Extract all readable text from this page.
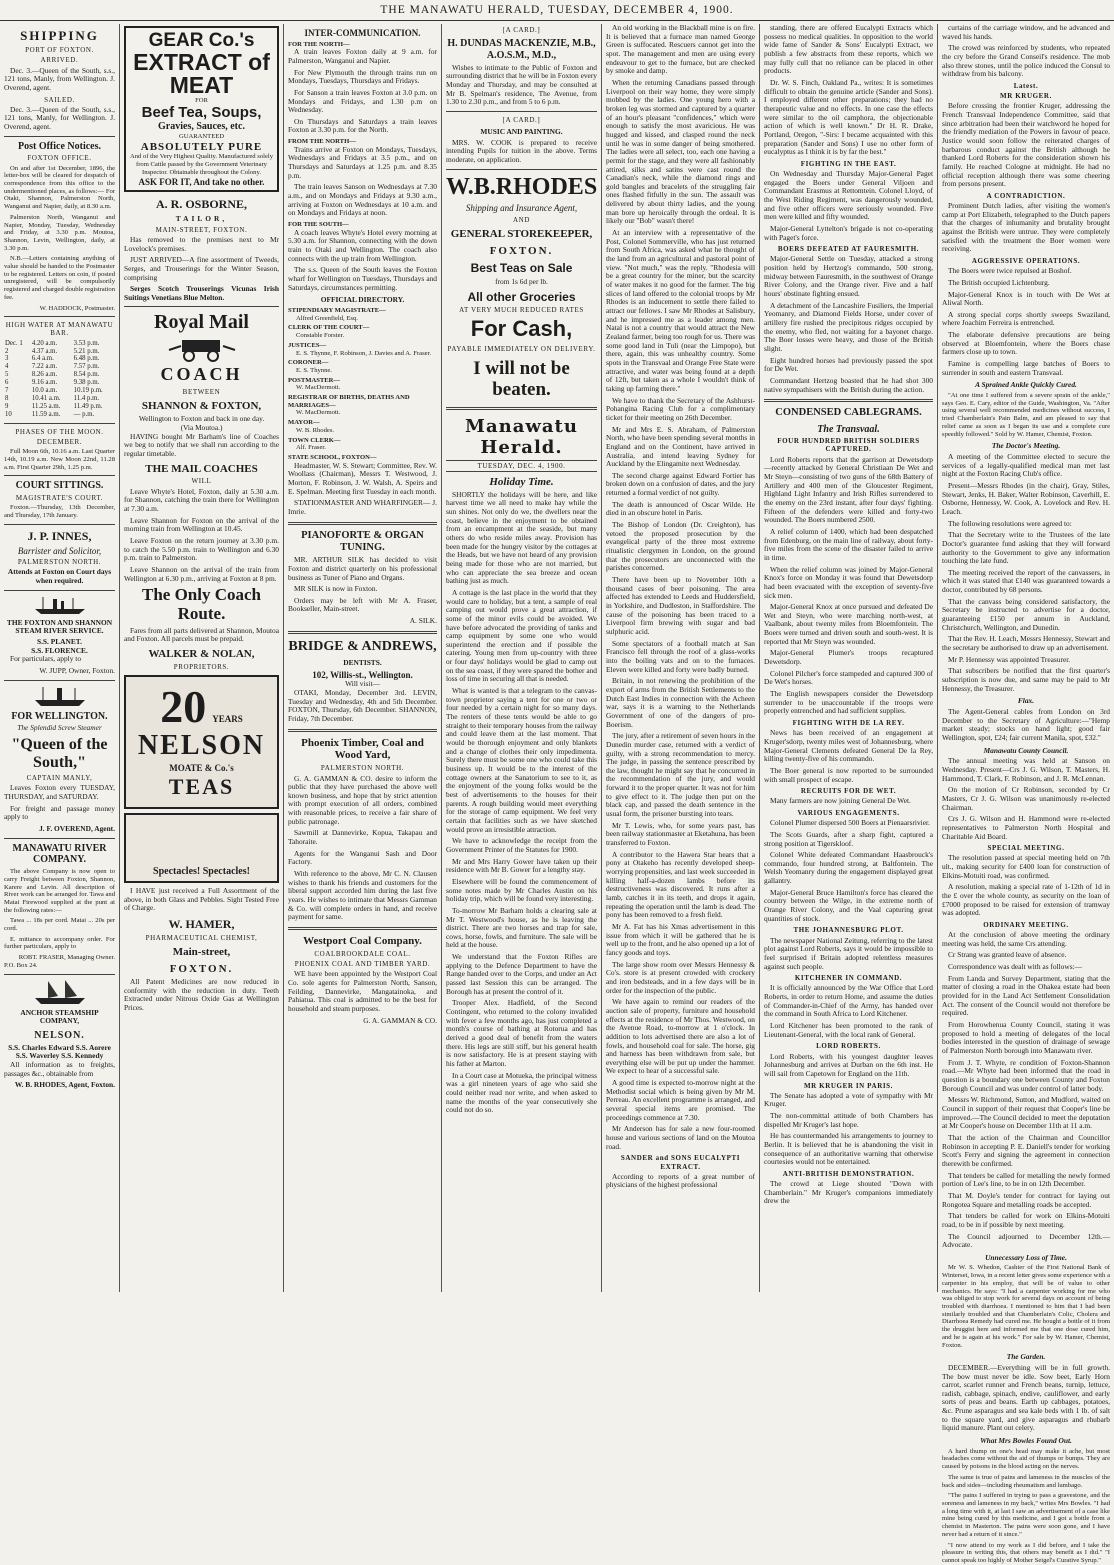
THE MANAWATU HERALD, TUESDAY, DECEMBER 4, 1900.
SHIPPING
PORT OF FOXTON.
ARRIVED.

Dec. 3.—Queen of the South, s.s., 121 tons, Manly, from Wellington. J. Overend, agent.

SAILED.

Dec. 3.—Queen of the South, s.s., 121 tons, Manly, for Wellington. J. Overend, agent.

Post Office Notices.
FOXTON OFFICE.

On and after 1st December, 1896, the letter-box will be cleared for despatch of correspondence from this office to the undermentioned places, as follows:— For Otaki, Shannon, Palmerston North, Wanganui and Napier, daily, at 8.30 a.m.

Palmerston North, Wanganui and Napier, Monday, Tuesday, Wednesday and Friday, at 3.30 p.m. Moutoa, Shannon, Levin, Wellington, daily, at 3.30 p.m.

N.B.—Letters containing anything of value should be handed to the Postmaster to be registered. Letters on coin, if posted unregistered, will be compulsorily registered and charged double registration fee.

W. HADDOCK, Postmaster.
HIGH WATER AT MANAWATU BAR.
Dec. 1	4.20 a.m.	3.53 p.m.
2	4.37 a.m.	5.21 p.m.
3	6.4 a.m.	6.48 p.m.
4	7.22 a.m.	7.57 p.m.
5	8.26 a.m.	8.54 p.m.
6	9.16 a.m.	9.38 p.m.
7	10.0 a.m.	10.19 p.m.
8	10.41 a.m.	11.4 p.m.
9	11.25 a.m.	11.49 p.m.
10	11.59 a.m.	— p.m.
PHASES OF THE MOON.
DECEMBER.

Full Moon 6th, 10.16 a.m. Last Quarter 14th, 10.19 a.m. New Moon 22nd, 11.28 a.m. First Quarter 29th, 1.25 p.m.

COURT SITTINGS.
MAGISTRATE'S COURT.

Foxton.—Thursday, 13th December, and Thursday, 17th January.

J. P. INNES,
Barrister and Solicitor,
PALMERSTON NORTH.
Attends at Foxton on Court days when required.
THE FOXTON AND SHANNON STEAM RIVER SERVICE.
S.S. PLANET.
S.S. FLORENCE.

For particulars, apply to

W. JUPP, Owner, Foxton.
FOR WELLINGTON.
The Splendid Screw Steamer
"Queen of the South,"
CAPTAIN MANLY,

Leaves Foxton every TUESDAY, THURSDAY, and SATURDAY.

For freight and passage money apply to

J. F. OVEREND, Agent.
MANAWATU RIVER COMPANY.

The above Company is now open to carry Freight between Foxton, Shannon, Karere and Levin. All description of River work can be arranged for. Tawa and Matai Firewood supplied at the punt at the following rates:—

Tawa ... 18s per cord. Matai ... 20s per cord.

E. mittance to accompany order. For further particulars, apply to

ROBT. FRASER, Managing Owner.
P.O. Box 24.
ANCHOR STEAMSHIP COMPANY,
NELSON.
S.S. Charles Edward S.S. Aorere S.S. Waverley S.S. Kennedy

All information as to freights, passages &c., obtainable from

W. B. RHODES, Agent, Foxton.
GEAR Co.'s
EXTRACT of MEAT
FOR
Beef Tea, Soups,
Gravies, Sauces, etc.
GUARANTEED
ABSOLUTELY PURE
And of the Very Highest Quality. Manufactured solely from Cattle passed by the Government Veterinary Inspector. Obtainable throughout the Colony.
ASK FOR IT, And take no other.
A. R. OSBORNE,
TAILOR,
MAIN-STREET, FOXTON.

Has removed to the premises next to Mr Lovelock's premises.

JUST ARRIVED—A fine assortment of Tweeds, Serges, and Trouserings for the Winter Season, comprising

Serges Scotch Trouserings Vicunas Irish Suitings Venetians Blue Melton.

Royal Mail
COACH
BETWEEN
SHANNON & FOXTON,
Wellington to Foxton and back in one day.
(Via Moutoa.)

HAVING bought Mr Barham's line of Coaches we beg to notify that we shall run according to the regular timetable.

THE MAIL COACHES
WILL

Leave Whyte's Hotel, Foxton, daily at 5.30 a.m. for Shannon, catching the train there for Wellington at 7.30 a.m.

Leave Shannon for Foxton on the arrival of the morning train from Wellington at 10.45.

Leave Foxton on the return journey at 3.30 p.m. to catch the 5.50 p.m. train to Wellington and 6.30 p.m. train to Palmerston.

Leave Shannon on the arrival of the train from Wellington at 6.30 p.m., arriving at Foxton at 8 pm.

The Only Coach Route.

Fares from all parts delivered at Shannon, Moutoa and Foxton. All parcels must be prepaid.

WALKER & NOLAN,
PROPRIETORS.
20 YEARS
NELSON
MOATE & Co.'s
TEAS
Spectacles! Spectacles!

I HAVE just received a Full Assortment of the above, in both Glass and Pebbles. Sight Tested Free of Charge.

W. HAMER,
PHARMACEUTICAL CHEMIST,
Main-street,
FOXTON.

All Patent Medicines are now reduced in conformity with the reduction in duty. Teeth Extracted under Nitrous Oxide Gas at Wellington Prices.

INTER-COMMUNICATION.
FOR THE NORTH—

A train leaves Foxton daily at 9 a.m. for Palmerston, Wanganui and Napier.

For New Plymouth the through trains run on Mondays, Tuesdays, Thursdays and Fridays.

For Sanson a train leaves Foxton at 3.0 p.m. on Mondays and Fridays, and 1.30 p.m on Wednesday.

On Thursdays and Saturdays a train leaves Foxton at 3.30 p.m. for the North.

FROM THE NORTH—

Trains arrive at Foxton on Mondays, Tuesdays, Wednesdays and Fridays at 3.5 p.m., and on Thursdays and Saturdays at 1.25 p.m. and 8.35 p.m.

The train leaves Sanson on Wednesdays at 7.30 a.m., and on Mondays and Fridays at 9.30 a.m., arriving at Foxton on Wednesdays at 10 a.m. and on Mondays and Fridays at noon.

FOR THE SOUTH—

A coach leaves Whyte's Hotel every morning at 5.30 a.m. for Shannon, connecting with the down train to Otaki and Wellington. The coach also connects with the up train from Wellington.

The s.s. Queen of the South leaves the Foxton wharf for Wellington on Tuesdays, Thursdays and Saturdays, circumstances permitting.

OFFICIAL DIRECTORY.
STIPENDIARY MAGISTRATE—
Alfred Greenfield, Esq.
CLERK OF THE COURT—
Constable Forster.
JUSTICES—
E. S. Thynne, F. Robinson, J. Davies and A. Fraser.
CORONER—
E. S. Thynne.
POSTMASTER—
W. MacDermott.
REGISTRAR OF BIRTHS, DEATHS AND MARRIAGES—
W. MacDermott.
MAYOR—
W. B. Rhodes.
TOWN CLERK—
Alf. Fraser.
STATE SCHOOL, FOXTON—

Headmaster, W. S. Stewart; Committee, Rev. W. Woollass (Chairman), Messrs T. Westwood, J. Morton, F. Robinson, J. W. Walsh, A. Speirs and E. Spelman. Meeting first Tuesday in each month.

STATIONMASTER AND WHARFINGER— J. Imrie.

PIANOFORTE & ORGAN TUNING.

MR. ARTHUR SILK has decided to visit Foxton and district quarterly on his professional business as Tuner of Piano and Organs.

MR SILK is now in Foxton.

Orders may be left with Mr A. Fraser, Bookseller, Main-street.

A. SILK.
BRIDGE & ANDREWS,
DENTISTS.
102, Willis-st., Wellington.
Will visit—

OTAKI, Monday, December 3rd. LEVIN, Tuesday and Wednesday, 4th and 5th December. FOXTON, Thursday, 6th December. SHANNON, Friday, 7th December.

Phoenix Timber, Coal and Wood Yard,
PALMERSTON NORTH.

G. A. GAMMAN & CO. desire to inform the public that they have purchased the above well known business, and hope that by strict attention with prompt execution of all orders, combined with reasonable prices, to receive a fair share of public patronage.

Sawmill at Dannevirke, Kopua, Takapau and Tahoraite.

Agents for the Wanganui Sash and Door Factory.

With reference to the above, Mr C. N. Clausen wishes to thank his friends and customers for the liberal support accorded him during the last five years. He wishes to intimate that Messrs Gamman & Co. will complete orders in hand, and receive payment for same.

Westport Coal Company.
COALBROOKDALE COAL.
PHOENIX COAL AND TIMBER YARD.

WE have been appointed by the Westport Coal Co. sole agents for Palmerston North, Sanson, Feilding, Dannevirke, Mangatainoka, and Pahiatua. This coal is admitted to be the best for household and steam purposes.

G. A. GAMMAN & CO.
[A CARD.]
H. DUNDAS MACKENZIE, M.B., A.O.S.M., M.D.,

Wishes to intimate to the Public of Foxton and surrounding district that he will be in Foxton every Monday and Thursday, and may be consulted at Mr B. Spelman's residence, The Avenue, from 1.30 to 2.30 p.m., and from 5 to 6 p.m.

[A CARD.]
MUSIC AND PAINTING.

MRS. W. COOK is prepared to receive intending Pupils for tuition in the above. Terms moderate, on application.

W.B.RHODES
Shipping and Insurance Agent,
AND
GENERAL STOREKEEPER,
FOXTON.
Best Teas on Sale
from 1s 6d per lb.
All other Groceries
AT VERY MUCH REDUCED RATES
For Cash,
PAYABLE IMMEDIATELY ON DELIVERY.
I will not be beaten.
Manawatu Herald.
TUESDAY, DEC. 4, 1900.
Holiday Time.

SHORTLY the holidays will be here, and like harvest time we all need to make hay while the sun shines. Not only do we, the dwellers near the coast, believe in the enjoyment to be obtained from an encampment at the seaside, but many others do who reside miles away. Provision has been made for the hungry visitor by the cottages at the Heads, but we have not heard of any provision being made for those who are not married, but who can appreciate the sea breeze and ocean bathing just as much.

A cottage is the last place in the world that they would care to holiday, but a tent, a sample of real camping out would prove a great attraction, if some of the minor evils could be avoided. We have before advocated the providing of tanks and camp equipment by some one who would superintend the erection and if possible the catering. Young men from up-country with three or four days' holidays would be glad to camp out on the sea coast, if they were spared the bother and loss of time in securing all that is needed.

What is wanted is that a telegram to the canvas-town proprietor saying a tent for one or two or four needed by a certain night for so many days. The renters of these tents would be able to go straight to their temporary houses from the railway and could leave them at the last moment. That would be thorough enjoyment and only blankets and a change of clothes their only impedimenta. Surely there must be some one who could take this business up. It would be to the interest of the cottage owners at the Sanatorium to see to it, as the enjoyment of the young folks would be the best of advertisements to the houses for their parents. A rough building would meet everything for the storage of camp equipment. We feel very certain that facilities such as we have sketched would prove an irresistible attraction.

We have to acknowledge the receipt from the Government Printer of the Statutes for 1900.

Mr and Mrs Harry Gower have taken up their residence with Mr B. Gower for a lengthy stay.

Elsewhere will be found the commencement of some notes made by Mr Charles Austin on his holiday trip, which will be found very interesting.

To-morrow Mr Barham holds a clearing sale at Mr T. Westwood's house, as he is leaving the district. There are two horses and trap for sale, cows, horse, fowls, and furniture. The sale will be held at the house.

We understand that the Foxton Rifles are applying to the Defence Department to have the Range handed over to the Corps, and under an Act passed last Session this can be arranged. The Borough has at present the control of it.

Trooper Alex. Hadfield, of the Second Contingent, who returned to the colony invalided with fever a few months ago, has just completed a month's course of bathing at Rotorua and has derived a good deal of benefit from the waters there. His legs are still stiff, but his general health is now satisfactory. He is at present staying with his father at Marton.

In a Court case at Motueka, the principal witness was a girl nineteen years of age who said she could neither read nor write, and when asked to name the months of the year consecutively she could not do so.

An old working in the Blackball mine is on fire. It is believed that a furnace man named George Green is suffocated. Rescuers cannot get into the spot. The management and men are using every endeavour to get to the furnace, but are checked by smoke and damp.

When the returning Canadians passed through Liverpool on their way home, they were simply mobbed by the ladies. One young hero with a broken leg was stormed and captured by a quarter of an hour's pleasant "confidences," which were enough to satisfy the most avaricious. He was hugged and kissed, and clasped round the neck until he was in some danger of being smothered. The ladies were all select, too, each one having a permit for the stage, and they were all fashionably attired, silks and satins were cast round the Canadian's neck, while the diamond rings and gold bangles and bracelets of the struggling fair ones flashed fitfully in the sun. The assault was delivered by about thirty ladies, and the young man bore up heroically through the ordeal. It is likely our "Bob" wasn't there!

At an interview with a representative of the Post, Colonel Sommerville, who has just returned from South Africa, was asked what he thought of the land from an agricultural and pastoral point of view. "Not much," was the reply. "Rhodesia will be a great country for the miner, but the scarcity of water makes it no good for the farmer. The big slices of land offered to the colonial troops by Mr Rhodes is an inducement to settle there failed to attract our fellows. I saw Mr Rhodes at Salisbury, and he impressed me as a leader among men. Natal is not a country that would attract the New Zealand farmer, being too rough for us. There was some good land in Tuli (near the Limpopo), but there, again, this was unhealthy country. Some spots in the Transvaal and Orange Free State were attractive, and water was being found at a depth of 12ft, but taken as a whole I wouldn't think of taking up farming there."

We have to thank the Secretary of the Ashhurst-Pohangina Racing Club for a complimentary ticket for their meeting on 26th December.

Mr and Mrs E. S. Abraham, of Palmerston North, who have been spending several months in England and on the Continent, have arrived in Australia, and intend leaving Sydney for Auckland by the Elingamite next Wednesday.

The second charge against Edward Fortier has broken down on a confusion of dates, and the jury returned a formal verdict of not guilty.

The death is announced of Oscar Wilde. He died in an obscure hotel in Paris.

The Bishop of London (Dr. Creighton), has vetoed the proposed prosecution by the evangelical party of the three most extreme ritualistic clergymen in London, on the ground that the prosecutors are unconnected with the parishes concerned.

There have been up to November 10th a thousand cases of beer poisoning. The area affected has extended to Leeds and Huddersfield, in Yorkshire, and Dudleston, in Staffordshire. The cause of the poisoning has been traced to a Liverpool firm brewing with sugar and bad sulphuric acid.

Some spectators of a football match at San Francisco fell through the roof of a glass-works into the boiling vats and on to the furnaces. Eleven were killed and forty were badly burned.

Britain, in not renewing the prohibition of the export of arms from the British Settlements to the Dutch East Indies in connection with the Acheen war, says it is a warning to the Netherlands Government of one of the dangers of pro-Boerism.

The jury, after a retirement of seven hours in the Dunedin murder case, returned with a verdict of guilty, with a strong recommendation to mercy. The judge, in passing the sentence prescribed by the law, thought he might say that he concurred in the recommendation of the jury, and would forward it to the proper quarter. It was not for him to give effect to it. The judge then put on the black cap, and passed the death sentence in the usual form, the prisoner bursting into tears.

Mr T. Lewis, who, for some years past, has been railway stationmaster at Eketahuna, has been transferred to Foxton.

A contributor to the Hawera Star hears that a pony at Otakeho has recently developed sheep-worrying propensities, and last week succeeded in killing half-a-dozen lambs before its destructiveness was discovered. It runs after a lamb, catches it in its teeth, and drops it again, repeating the operation until the lamb is dead. The pony has been removed to a fresh field.

Mr A. Fat has his Xmas advertisement in this issue from which it will be gathered that he is well up to the front, and he also opened up a lot of fancy goods and toys.

The large show room over Messrs Hennessy & Co's. store is at present crowded with crockery and iron bedsteads, and in a few days will be in order for the inspection of the public.

We have again to remind our readers of the auction sale of property, furniture and household effects at the residence of Mr Thos. Westwood, on the Avenue Road, to-morrow at 1 o'clock. In addition to lots advertised there are also a lot of fowls, and household coal for sale. The horse, gig and harness has been withdrawn from sale, but everything else will be put up under the hammer. We expect to hear of a successful sale.

A good time is expected to-morrow night at the Methodist social which is being given by Mr M. Perreau. An excellent programme is arranged, and several special items are promised. The proceedings commence at 7.30.

Mr Anderson has for sale a new four-roomed house and various sections of land on the Moutoa road.

SANDER and SONS EUCALYPTI EXTRACT.

According to reports of a great number of physicians of the highest professional

standing, there are offered Eucalypti Extracts which possess no medical qualities. In opposition to the world wide fame of Sander & Sons' Eucalypti Extract, we publish a few abstracts from these reports, which we may fully cull that no reliance can be placed in other products.

Dr. W. S. Finch, Oakland Pa., writes: It is sometimes difficult to obtain the genuine article (Sander and Sons). I employed different other preparations; they had no therapeutic value and no effects. In one case the effects were similar to the oil camphora, the objectionable action of which is well known." Dr H. R. Drake, Portland, Oregon, "-Sirs: I became acquainted with this preparation (Sander and Sons) I use no other form of eucalyptus as I think it is by far the best."

FIGHTING IN THE EAST.

On Wednesday and Thursday Major-General Paget engaged the Boers under General Viljoen and Commandant Erasmus at Rettomtein. Colonel Lloyd, of the West Riding Regiment, was dangerously wounded, and five other officers were seriously wounded. Five men were killed and fifty wounded.

Major-General Lyttelton's brigade is not co-operating with Paget's force.

BOERS DEFEATED AT FAURESMITH.

Major-General Settle on Tuesday, attacked a strong position held by Hertzog's commando, 500 strong, midway between Fauresmith, in the southwest of Orange River Colony, and the Orange river. Five and a half hours' obstinate fighting ensued.

A detachment of the Lancashire Fusiliers, the Imperial Yeomanry, and Diamond Fields Horse, under cover of artillery fire rushed the precipitous ridges occupied by the enemy, who fled, not waiting for a bayonet charge. The Boer losses were heavy, and those of the British slight.

Eight hundred horses had previously passed the spot for De Wet.

Commandant Hertzog boasted that he had shot 300 native sympathisers with the British during the action.

CONDENSED CABLEGRAMS.
The Transvaal.
FOUR HUNDRED BRITISH SOLDIERS CAPTURED.

Lord Roberts reports that the garrison at Dewetsdorp—recently attacked by General Christiaan De Wet and Mr Steyn—consisting of two guns of the 68th Battery of Artillery and 400 men of the Gloucester Regiment, Highland Light Infantry and Irish Rifles surrendered to the enemy on the 23rd instant, after four days' fighting. Fifteen of the defenders were killed and forty-two wounded. The Boers numbered 2500.

A relief column of 1400, which had been despatched from Edenburg, on the main line of railway, about forty-five miles from the scene of the disaster failed to arrive in time.

When the relief column was joined by Major-General Knox's force on Monday it was found that Dewetsdorp had been evacuated with the exception of seventy-five sick men.

Major-General Knox at once pursued and defeated De Wet and Steyn, who were marching north-west, at Vaalbank, about twenty miles from Bloemfontein. The Boers were turned and driven south and south-west. It is reported that Mr Steyn was wounded.

Major-General Plumer's troops recaptured Dewetsdorp.

Colonel Pilcher's force stampeded and captured 300 of De Wet's horses.

The English newspapers consider the Dewetsdorp surrender to be unaccountable if the troops were properly entrenched and had sufficient supplies.

FIGHTING WITH DE LA REY.

News has been received of an engagement at Kruger'sdorp, twenty miles west of Johannesburg, where Major-General Clements defeated General De la Rey, killing twenty-five of his commando.

The Boer general is now reported to be surrounded with small prospect of escape.

RECRUITS FOR DE WET.

Many farmers are now joining General De Wet.

VARIOUS ENGAGEMENTS.

Colonel Plumer dispersed 500 Boers at Pienaarsrivier.

The Scots Guards, after a sharp fight, captured a strong position at Tigerskloof.

Colonel White defeated Commandant Haasbrouck's commando, four hundred strong, at Baltfontein. The Welsh Yeomanry during the engagement displayed great gallantry.

Major-General Bruce Hamilton's force has cleared the country between the Wilge, in the extreme north of Orange River Colony, and the Vaal capturing great quantities of stock.

THE JOHANNESBURG PLOT.

The newspaper National Zeitung, referring to the latest plot against Lord Roberts, says it would be impossible to feel surprised if Britain adopted relentless measures against such people.

KITCHENER IN COMMAND.

It is officially announced by the War Office that Lord Roberts, in order to return Home, and assume the duties of Commander-in-Chief of the Army, has handed over the command in South Africa to Lord Kitchener.

Lord Kitchener has been promoted to the rank of Lieutenant-General, with the local rank of General.

LORD ROBERTS.

Lord Roberts, with his youngest daughter leaves Johannesburg and arrives at Durban on the 6th inst. He will sail from Capetown for England on the 11th.

MR KRUGER IN PARIS.

The Senate has adopted a vote of sympathy with Mr Kruger.

The non-committal attitude of both Chambers has dispelled Mr Kruger's last hope.

He has countermanded his arrangements to journey to Berlin. It is believed that he is abandoning the visit in consequence of an authoritative warning that otherwise courtesies would not be entertained.

ANTI-BRITISH DEMONSTRATION.

The crowd at Liege shouted "Down with Chamberlain." Mr Kruger's companions immediately drew the

curtains of the carriage window, and he advanced and waved his hands.

The crowd was reinforced by students, who repeated the cry before the Grand Conseil's residence. The mob also threw stones, until the police induced the Consul to withdraw from his balcony.

Latest.
MR KRUGER.

Before crossing the frontier Kruger, addressing the French Transvaal Independence Committee, said that since arbitration had been their watchword he hoped for the friendly mediation of the Powers in favour of peace. Justice would soon follow the reiterated charges of barbarous conduct against the British although he thanked Lord Roberts for the consideration shown his family. He reached Cologne at midnight. He had no official reception although there was some cheering from persons present.

A CONTRADICTION.

Prominent Dutch ladies, after visiting the women's camp at Port Elizabeth, telegraphed to the Dutch papers that the charges of inhumanity and brutality brought against the British were untrue. They were completely satisfied with the treatment the Boer women were receiving.

AGGRESSIVE OPERATIONS.

The Boers were twice repulsed at Boshof.

The British occupied Lichtenburg.

Major-General Knox is in touch with De Wet at Aliwal North.

A strong special corps shortly sweeps Swaziland, where Joachim Ferreira is entrenched.

The elaborate defensive precautions are being observed at Bloemfontein, where the Boers chase farmers close up to town.

Famine is compelling large batches of Boers to surrender in south and eastern Transvaal.

A Sprained Ankle Quickly Cured.

"At one time I suffered from a severe sprain of the ankle," says Geo. E. Cary, editor of the Guide, Washington, Va. "After using several well recommended medicines without success, I tried Chamberlain's Pain Balm, and am pleased to say that relief came as soon as I began its use and a complete cure speedily followed." Sold by W. Hamer, Chemist, Foxton.

The Doctor's Meeting.

A meeting of the Committee elected to secure the services of a legally-qualified medical man met last night at the Foxton Racing Club's office.

Present—Messrs Rhodes (in the chair), Gray, Stiles, Stewart, Jenks, H. Baker, Walter Robinson, Caverhill, E. Osborne, Hennessy, W. Cook, A. Lovelock and Rev. H. Leach.

The following resolutions were agreed to:

That the Secretary write to the Trustees of the late Doctor's guarantee fund asking that they will forward authority to the Government to give any information touching the late fund.

The meeting received the report of the canvassers, in which it was stated that £140 was guaranteed towards a doctor, contributed by 68 persons.

That the canvass being considered satisfactory, the Secretary be instructed to advertise for a doctor, guaranteeing £150 per annum in Auckland, Christchurch, Wellington, and Dunedin.

That the Rev. H. Leach, Messrs Hennessy, Stewart and the secretary be authorised to draw up an advertisement.

Mr P. Hennessy was appointed Treasurer.

That subscribers be notified that the first quarter's subscription is now due, and same may be paid to Mr Hennessy, the Treasurer.

Flax.

The Agent-General cables from London on 3rd December to the Secretary of Agriculture:—"Hemp market steady; stocks on hand light; good fair Wellington, spot, £24; fair current Manila, spot, £32."

Manawatu County Council.

The annual meeting was held at Sanson on Wednesday. Present—Crs J. G. Wilson, T. Masters, H. Hammond, T. Clark, F. Robinson, and J. R. McLennan.

On the motion of Cr Robinson, seconded by Cr Masters, Cr J. G. Wilson was unanimously re-elected Chairman.

Crs J. G. Wilson and H. Hammond were re-elected representatives to Palmerston North Hospital and Charitable Aid Board.

SPECIAL MEETING.

The resolution passed at special meeting held on 7th ult., making security for £400 loan for construction of Elkins-Motuiti road, was confirmed.

A resolution, making a special rate of 1-12th of 1d in the £ over the whole county, as security on the loan of £7000 proposed to be raised for extension of tramway was adopted.

ORDINARY MEETING.

At the conclusion of above meeting the ordinary meeting was held, the same Crs attending.

Cr Strang was granted leave of absence.

Correspondence was dealt with as follows:—

From Landa and Survey Department, stating that the matter of closing a road in the Ohakea estate had been provided for in the Land Act Settlement Consolidation Act. The consent of the Council would not therefore be required.

From Horowhenua County Council, stating it was proposed to hold a meeting of delegates of the local bodies interested in the question of drainage of sewage of Palmerston North borough into Manawatu river.

From J. T. Whyte, re condition of Foxton-Shannon road.—Mr Whyte had been informed that the road in question is a boundary one between County and Foxton Borough Council and was under control of latter body.

Messrs W. Richmond, Sutton, and Mudford, waited on Council in support of their request that Cooper's line be improved.—The Council decided to meet the deputation at Mr Cooper's house on December 11th at 11 a.m.

That the action of the Chairman and Councillor Robinson in accepting P. E. Daniell's tender for working Scott's Ferry and signing the agreement in connection therewith be confirmed.

That tenders be called for metalling the newly formed portion of Lee's line, to be in on 12th December.

That M. Doyle's tender for contract for laying out Rongotea Square and metalling roads be accepted.

That tenders be called for work on Elkins-Motuiti road, to be in if possible by next meeting.

The Council adjourned to December 12th.—Advocate.

Unnecessary Loss of Time.

Mr W. S. Whedon, Cashier of the First National Bank of Winterset, Iowa, in a recent letter gives some experience with a carpenter in his employ, that will be of value to other mechanics. He says: "I had a carpenter working for me who was obliged to stop work for several days on account of being troubled with diarrhoea. I mentioned to him that I had been similarly troubled and that Chamberlain's Colic, Cholera and Diarrhoea Remedy had cured me. He bought a bottle of it from the druggist here and informed me that one dose cured him, and he is again at his work." For sale by W. Hamer, Chemist, Foxton.

The Garden.

DECEMBER.—Everything will be in full growth. The bow must never be idle. Sow beet, Early Horn carrot, scarlet runner and French beans, turnip, lettuce, radish, cabbage, spinach, endive, cauliflower, and early sorts of peas and beans. Earth up cabbages, potatoes, &c. Prune asparagus and sea kale beds with 1 lb. of salt to the square yard, and give asparagus and rhubarb liquid manure. Plant out celery.

What Mrs Bowles Found Out.

A hard thump on one's head may make it ache, but most headaches come without the aid of thumps or bumps. They are caused by poisons in the blood acting on the nerves.

The same is true of pains and lameness in the muscles of the back and sides—including rheumatism and lumbago.

"The pains I suffered in trying to pass a gravestone, and the soreness and lameness in my back," writes Mrs Bowles. "I had a long time with it, at last I saw an advertisement of a case like mine being cured by this medicine, and I got a bottle from a chemist in Masterton. The pains were soon gone, and I have never had a return of it since."

"I now attend to my work as I did before, and I take the pleasure in writing this, that others may benefit as I did." "I cannot speak too highly of Mother Seigel's Curative Syrup."
